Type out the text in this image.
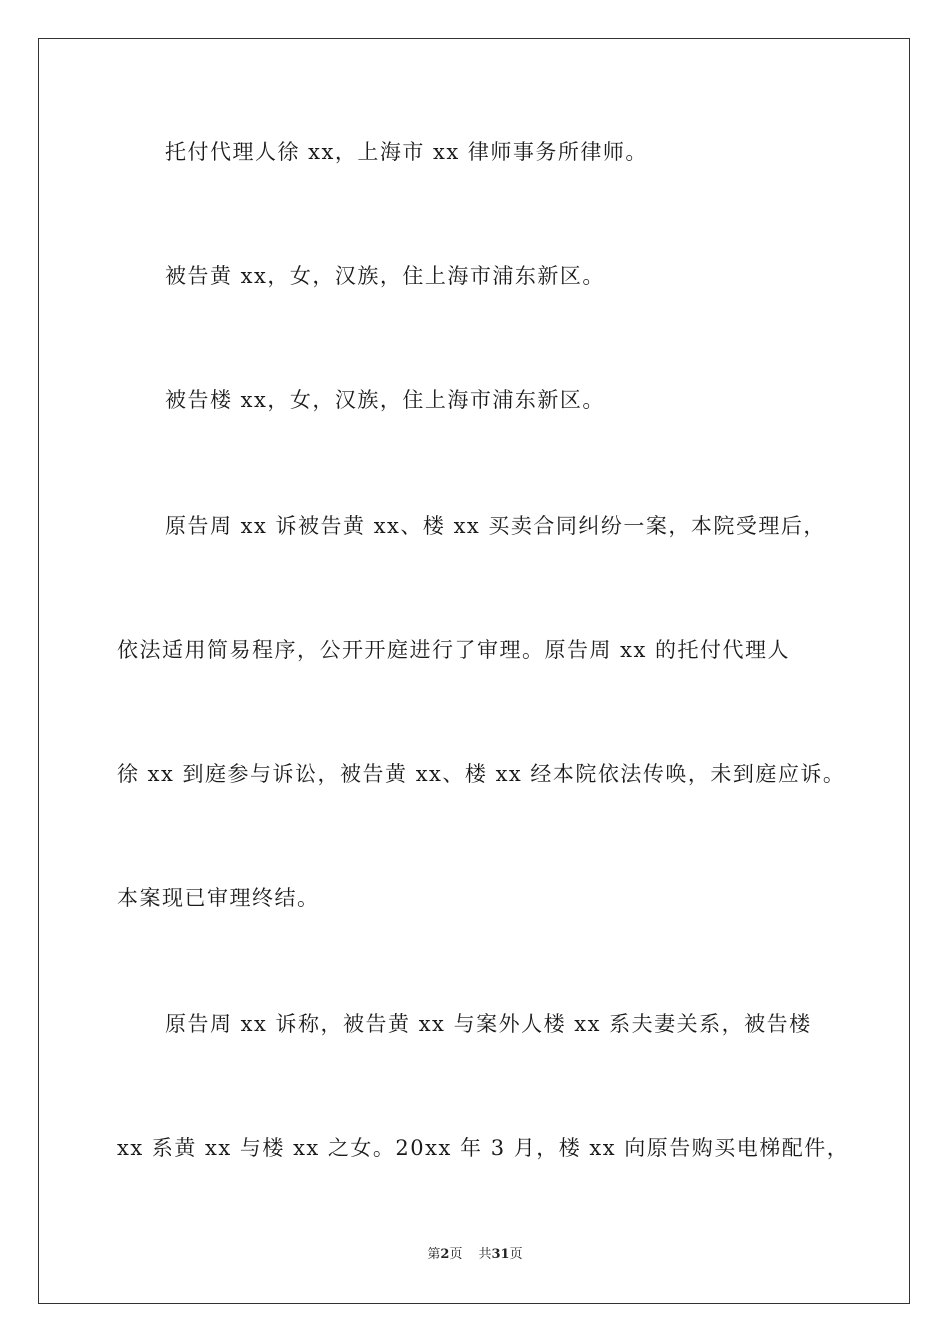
托付代理人徐 xx，上海市 xx 律师事务所律师。
被告黄 xx，女，汉族，住上海市浦东新区。
被告楼 xx，女，汉族，住上海市浦东新区。
原告周 xx 诉被告黄 xx、楼 xx 买卖合同纠纷一案，本院受理后，
依法适用简易程序，公开开庭进行了审理。原告周 xx 的托付代理人
徐 xx 到庭参与诉讼，被告黄 xx、楼 xx 经本院依法传唤，未到庭应诉。
本案现已审理终结。
原告周 xx 诉称，被告黄 xx 与案外人楼 xx 系夫妻关系，被告楼
xx 系黄 xx 与楼 xx 之女。20xx 年 3 月，楼 xx 向原告购买电梯配件，
第2页 共31页
